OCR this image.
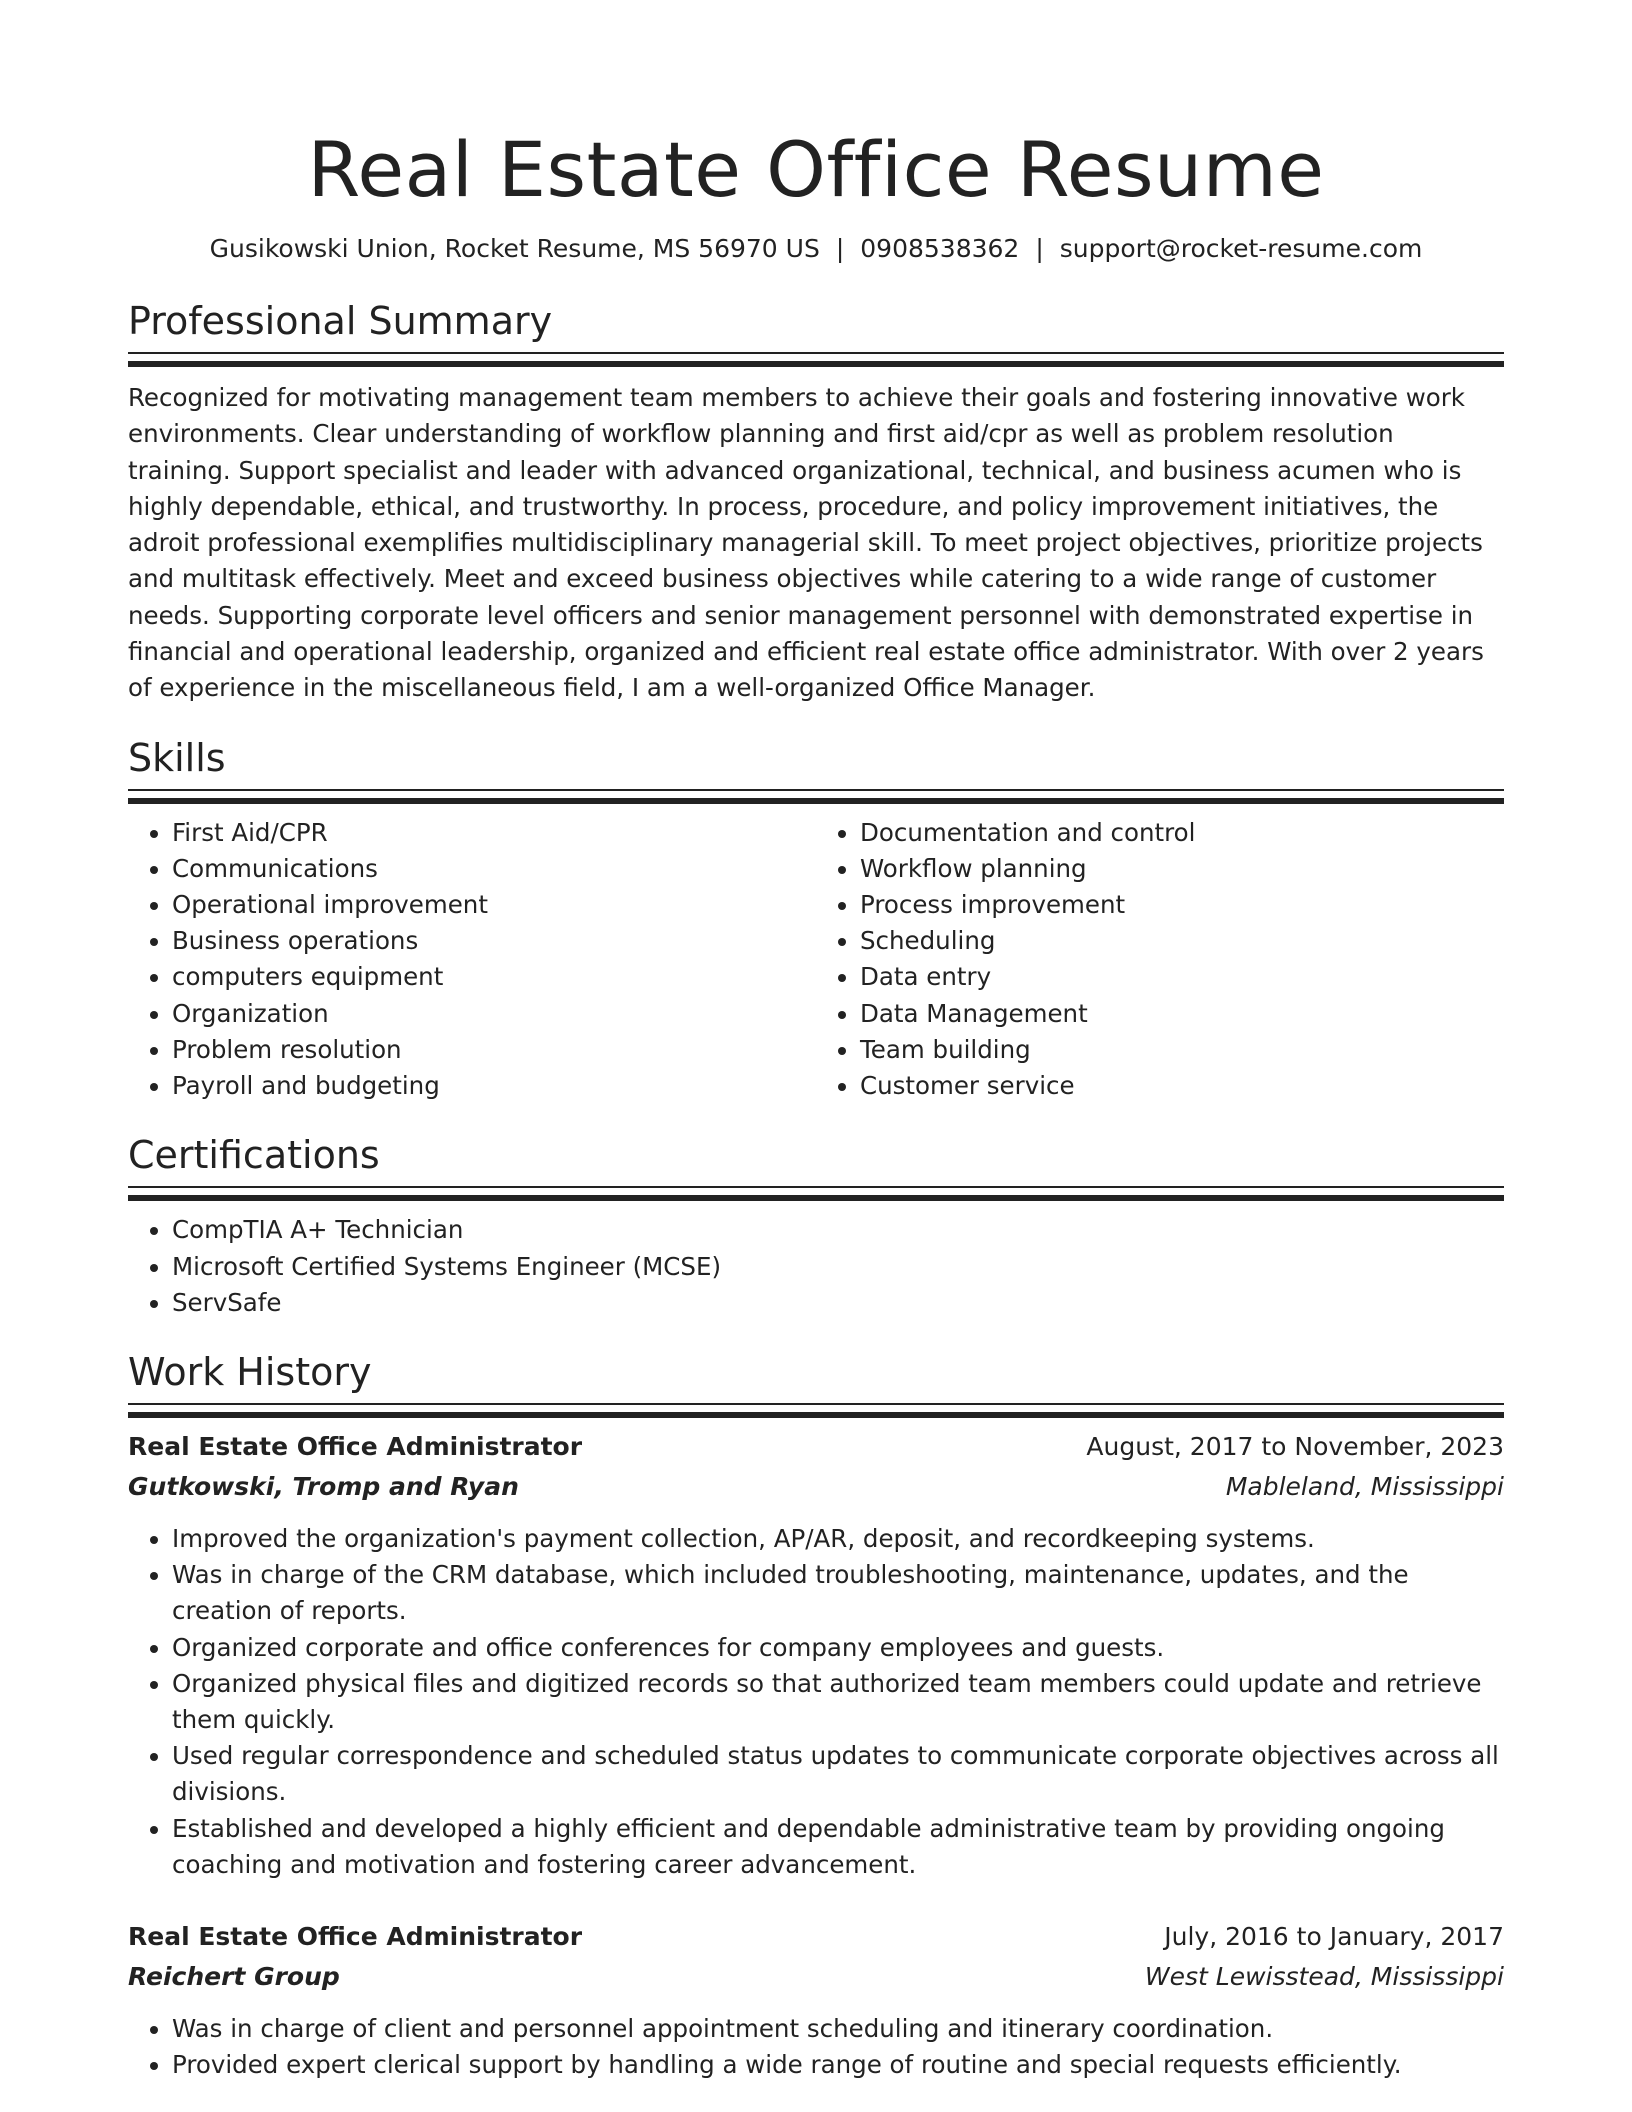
Real Estate Office Resume
Gusikowski Union, Rocket Resume, MS 56970 US | 0908538362 | support@rocket-resume.com
Professional Summary

Recognized for motivating management team members to achieve their goals and fostering innovative work environments. Clear understanding of workflow planning and first aid/cpr as well as problem resolution training. Support specialist and leader with advanced organizational, technical, and business acumen who is highly dependable, ethical, and trustworthy. In process, procedure, and policy improvement initiatives, the adroit professional exemplifies multidisciplinary managerial skill. To meet project objectives, prioritize projects and multitask effectively. Meet and exceed business objectives while catering to a wide range of customer needs. Supporting corporate level officers and senior management personnel with demonstrated expertise in financial and operational leadership, organized and efficient real estate office administrator. With over 2 years of experience in the miscellaneous field, I am a well-organized Office Manager.

Skills
• First Aid/CPR
• Communications
• Operational improvement
• Business operations
• computers equipment
• Organization
• Problem resolution
• Payroll and budgeting
• Documentation and control
• Workflow planning
• Process improvement
• Scheduling
• Data entry
• Data Management
• Team building
• Customer service
Certifications
• CompTIA A+ Technician
• Microsoft Certified Systems Engineer (MCSE)
• ServSafe
Work History
Real Estate Office Administrator	August, 2017 to November, 2023
Gutkowski, Tromp and Ryan	Mableland, Mississippi
• Improved the organization's payment collection, AP/AR, deposit, and recordkeeping systems.
• Was in charge of the CRM database, which included troubleshooting, maintenance, updates, and the creation of reports.
• Organized corporate and office conferences for company employees and guests.
• Organized physical files and digitized records so that authorized team members could update and retrieve them quickly.
• Used regular correspondence and scheduled status updates to communicate corporate objectives across all divisions.
• Established and developed a highly efficient and dependable administrative team by providing ongoing coaching and motivation and fostering career advancement.
Real Estate Office Administrator	July, 2016 to January, 2017
Reichert Group	West Lewisstead, Mississippi
• Was in charge of client and personnel appointment scheduling and itinerary coordination.
• Provided expert clerical support by handling a wide range of routine and special requests efficiently.
